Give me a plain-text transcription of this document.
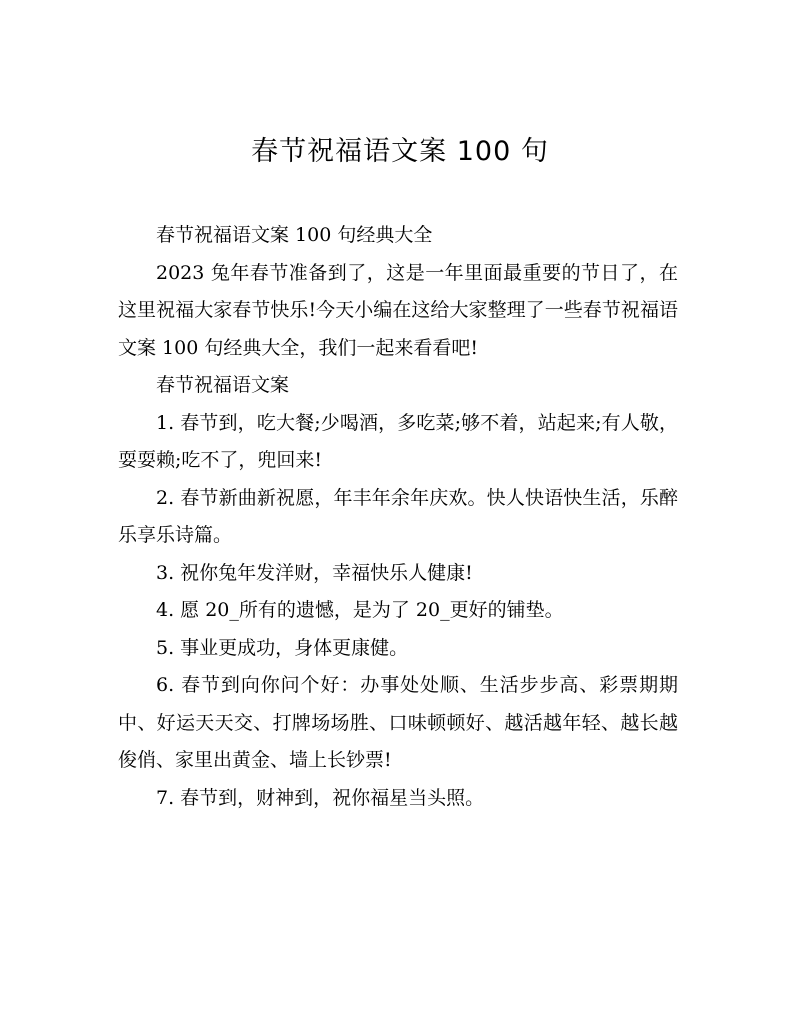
春节祝福语文案 100 句

春节祝福语文案 100 句经典大全

2023 兔年春节准备到了，这是一年里面最重要的节日了，在这里祝福大家春节快乐!今天小编在这给大家整理了一些春节祝福语文案 100 句经典大全，我们一起来看看吧!

春节祝福语文案

1. 春节到，吃大餐;少喝酒，多吃菜;够不着，站起来;有人敬，耍耍赖;吃不了，兜回来!

2. 春节新曲新祝愿，年丰年余年庆欢。快人快语快生活，乐醉乐享乐诗篇。

3. 祝你兔年发洋财，幸福快乐人健康!

4. 愿 20_所有的遗憾，是为了 20_更好的铺垫。

5. 事业更成功，身体更康健。

6. 春节到向你问个好：办事处处顺、生活步步高、彩票期期中、好运天天交、打牌场场胜、口味顿顿好、越活越年轻、越长越俊俏、家里出黄金、墙上长钞票!

7. 春节到，财神到，祝你福星当头照。
